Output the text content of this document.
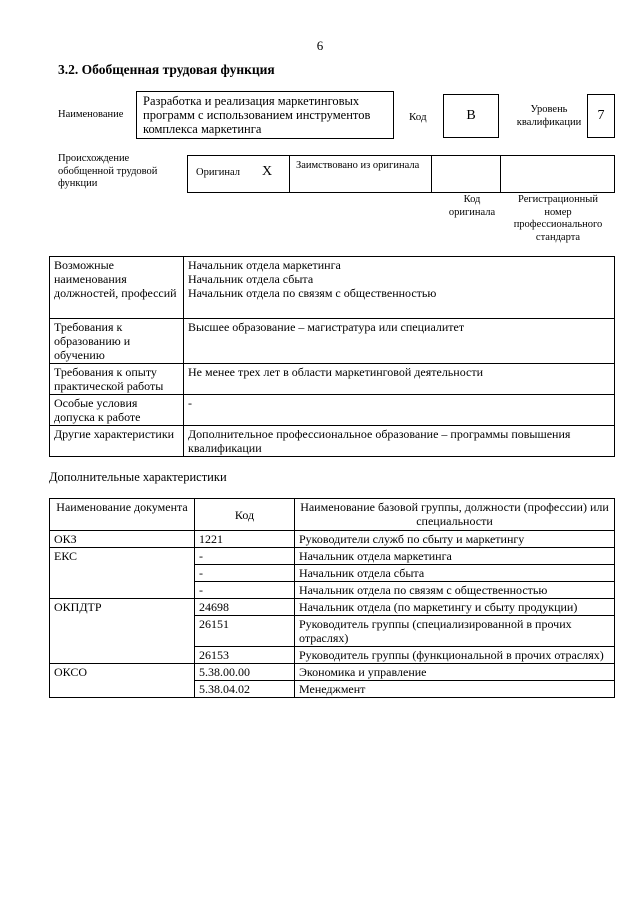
6
3.2. Обобщенная трудовая функция
Наименование
Разработка и реализация маркетинговых программ с использованием инструментов комплекса маркетинга
Код	B	Уровень квалификации	7
Происхождение обобщенной трудовой функции
Оригинал X Заимствовано из оригинала
Код оригинала
Регистрационный номер профессионального стандарта
Возможные наименования должностей, профессий	Начальник отдела маркетинга
Начальник отдела сбыта
Начальник отдела по связям с общественностью
Требования к образованию и обучению	Высшее образование – магистратура или специалитет
Требования к опыту практической работы	Не менее трех лет в области маркетинговой деятельности
Особые условия допуска к работе	-
Другие характеристики	Дополнительное профессиональное образование – программы повышения квалификации
Дополнительные характеристики
Наименование документа	Код	Наименование базовой группы, должности (профессии) или специальности
ОКЗ	1221	Руководители служб по сбыту и маркетингу
ЕКС	-	Начальник отдела маркетинга
	-	Начальник отдела сбыта
	-	Начальник отдела по связям с общественностью
ОКПДТР	24698	Начальник отдела (по маркетингу и сбыту продукции)
	26151	Руководитель группы (специализированной в прочих отраслях)
	26153	Руководитель группы (функциональной в прочих отраслях)
ОКСО	5.38.00.00	Экономика и управление
	5.38.04.02	Менеджмент
